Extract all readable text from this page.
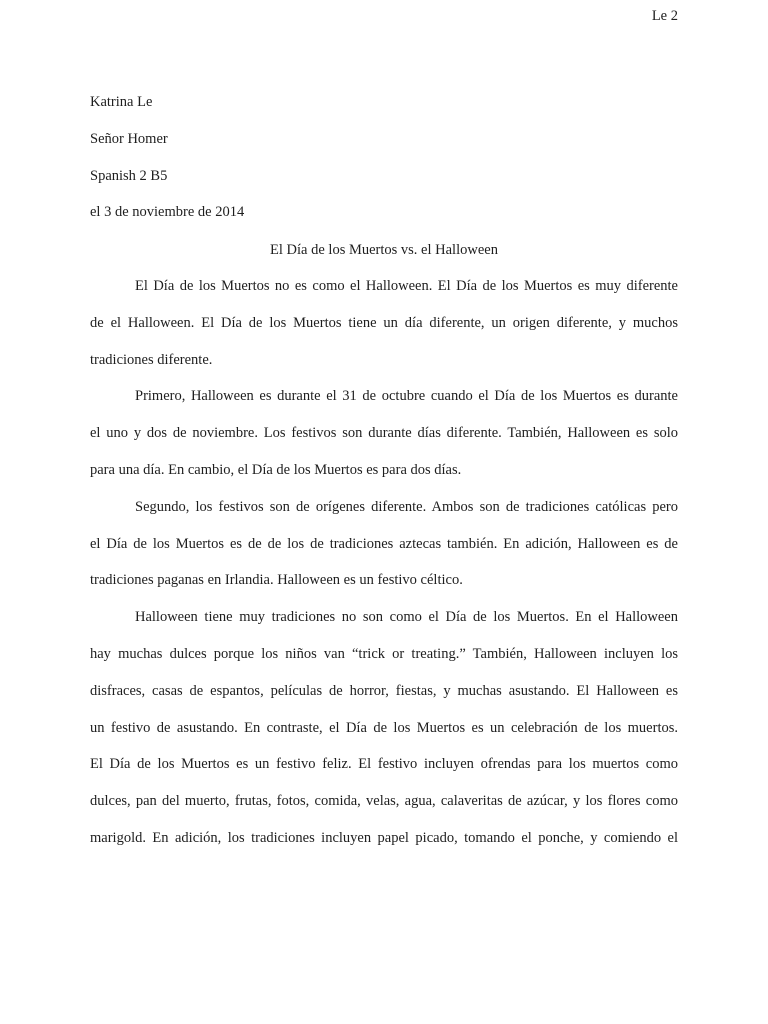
Le 2
Katrina Le
Señor Homer
Spanish 2 B5
el 3 de noviembre de 2014
El Día de los Muertos vs. el Halloween
El Día de los Muertos no es como el Halloween. El Día de los Muertos es muy diferente
de el Halloween. El Día de los Muertos tiene un día diferente, un origen diferente, y muchos
tradiciones diferente.
Primero, Halloween es durante el 31 de octubre cuando el Día de los Muertos es durante
el uno y dos de noviembre. Los festivos son durante días diferente. También, Halloween es solo
para una día. En cambio, el Día de los Muertos es para dos días.
Segundo, los festivos son de orígenes diferente. Ambos son de tradiciones católicas pero
el Día de los Muertos es de de los de tradiciones aztecas también. En adición, Halloween es de
tradiciones paganas en Irlandia. Halloween es un festivo céltico.
Halloween tiene muy tradiciones no son como el Día de los Muertos. En el Halloween
hay muchas dulces porque los niños van “trick or treating.” También, Halloween incluyen los
disfraces, casas de espantos, películas de horror, fiestas, y muchas asustando. El Halloween es
un festivo de asustando. En contraste, el Día de los Muertos es un celebración de los muertos.
El Día de los Muertos es un festivo feliz. El festivo incluyen ofrendas para los muertos como
dulces, pan del muerto, frutas, fotos, comida, velas, agua, calaveritas de azúcar, y los flores como
marigold. En adición, los tradiciones incluyen papel picado, tomando el ponche, y comiendo el
